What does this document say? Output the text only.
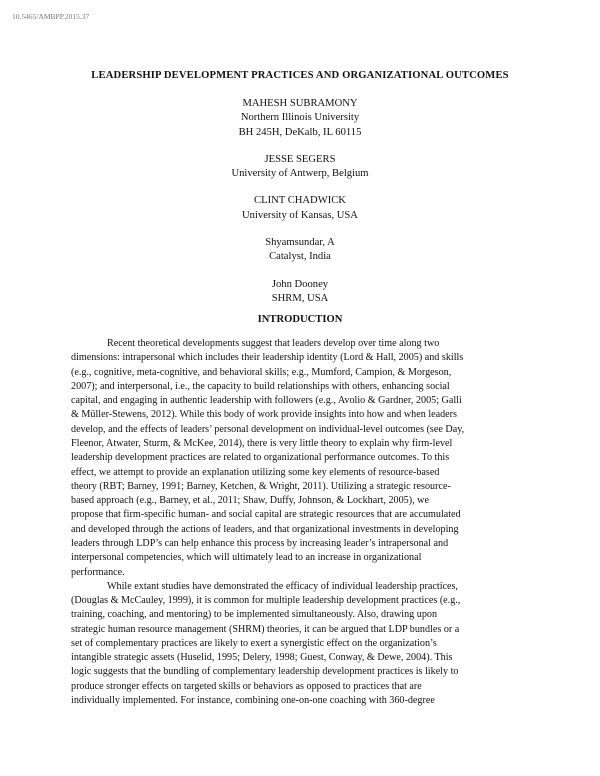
10.5465/AMBPP.2015.37
LEADERSHIP DEVELOPMENT PRACTICES AND ORGANIZATIONAL OUTCOMES
MAHESH SUBRAMONY
Northern Illinois University
BH 245H, DeKalb, IL 60115
JESSE SEGERS
University of Antwerp, Belgium
CLINT CHADWICK
University of Kansas, USA
Shyamsundar, A
Catalyst, India
John Dooney
SHRM, USA
INTRODUCTION
Recent theoretical developments suggest that leaders develop over time along two
dimensions: intrapersonal which includes their leadership identity (Lord & Hall, 2005) and skills
(e.g., cognitive, meta-cognitive, and behavioral skills; e.g., Mumford, Campion, & Morgeson,
2007); and interpersonal, i.e., the capacity to build relationships with others, enhancing social
capital, and engaging in authentic leadership with followers (e.g., Avolio & Gardner, 2005; Galli
& Müller-Stewens, 2012). While this body of work provide insights into how and when leaders
develop, and the effects of leaders’ personal development on individual-level outcomes (see Day,
Fleenor, Atwater, Sturm, & McKee, 2014), there is very little theory to explain why firm-level
leadership development practices are related to organizational performance outcomes. To this
effect, we attempt to provide an explanation utilizing some key elements of resource-based
theory (RBT; Barney, 1991; Barney, Ketchen, & Wright, 2011). Utilizing a strategic resource-
based approach (e.g., Barney, et al., 2011; Shaw, Duffy, Johnson, & Lockhart, 2005), we
propose that firm-specific human- and social capital are strategic resources that are accumulated
and developed through the actions of leaders, and that organizational investments in developing
leaders through LDP’s can help enhance this process by increasing leader’s intrapersonal and
interpersonal competencies, which will ultimately lead to an increase in organizational
performance.
While extant studies have demonstrated the efficacy of individual leadership practices,
(Douglas & McCauley, 1999), it is common for multiple leadership development practices (e.g.,
training, coaching, and mentoring) to be implemented simultaneously. Also, drawing upon
strategic human resource management (SHRM) theories, it can be argued that LDP bundles or a
set of complementary practices are likely to exert a synergistic effect on the organization’s
intangible strategic assets (Huselid, 1995; Delery, 1998; Guest, Conway, & Dewe, 2004). This
logic suggests that the bundling of complementary leadership development practices is likely to
produce stronger effects on targeted skills or behaviors as opposed to practices that are
individually implemented. For instance, combining one-on-one coaching with 360-degree
